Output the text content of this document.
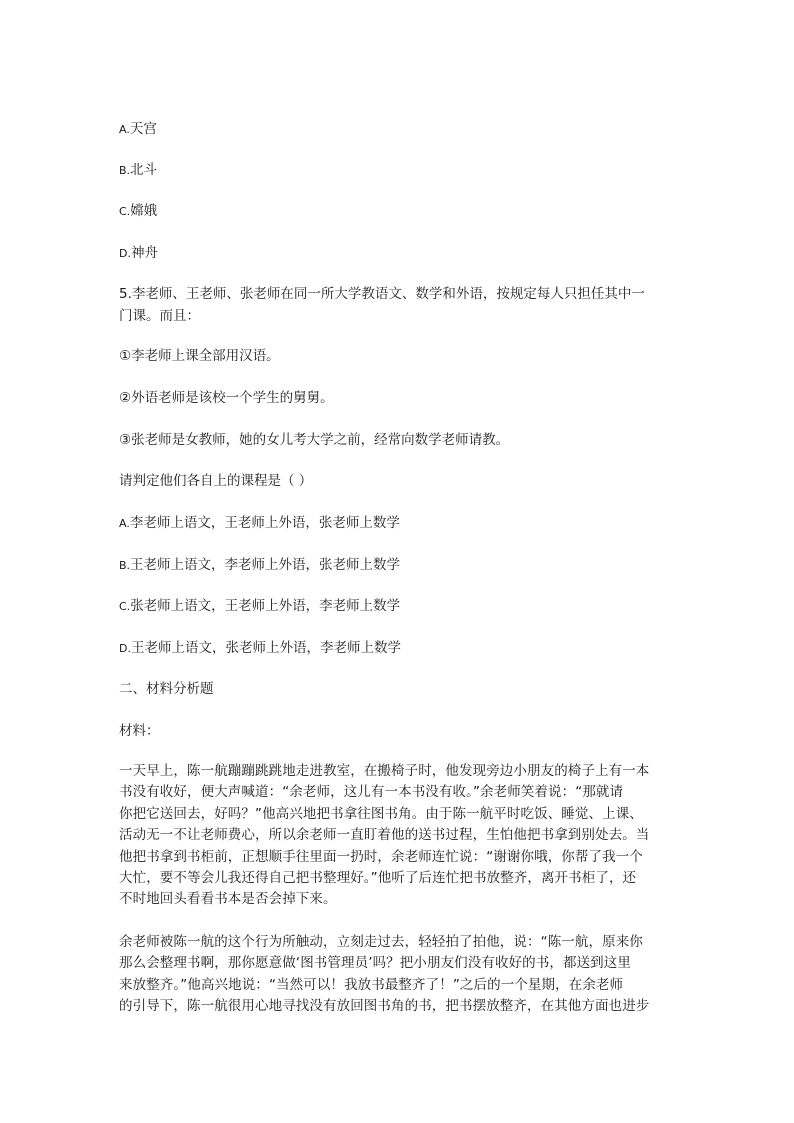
A.天宫
B.北斗
C.嫦娥
D.神舟
5.李老师、王老师、张老师在同一所大学教语文、数学和外语，按规定每人只担任其中一
门课。而且：
①李老师上课全部用汉语。
②外语老师是该校一个学生的舅舅。
③张老师是女教师，她的女儿考大学之前，经常向数学老师请教。
请判定他们各自上的课程是（ ）
A.李老师上语文，王老师上外语，张老师上数学
B.王老师上语文，李老师上外语，张老师上数学
C.张老师上语文，王老师上外语，李老师上数学
D.王老师上语文，张老师上外语，李老师上数学
二、材料分析题
材料：

一天早上，陈一航蹦蹦跳跳地走进教室，在搬椅子时，他发现旁边小朋友的椅子上有一本

书没有收好，便大声喊道：“余老师，这儿有一本书没有收。”余老师笑着说：“那就请

你把它送回去，好吗？”他高兴地把书拿往图书角。由于陈一航平时吃饭、睡觉、上课、

活动无一不让老师费心，所以余老师一直盯着他的送书过程，生怕他把书拿到别处去。当

他把书拿到书柜前，正想顺手往里面一扔时，余老师连忙说：“谢谢你哦，你帮了我一个

大忙，要不等会儿我还得自己把书整理好。”他听了后连忙把书放整齐，离开书柜了，还

不时地回头看看书本是否会掉下来。

余老师被陈一航的这个行为所触动，立刻走过去，轻轻拍了拍他，说：“陈一航，原来你

那么会整理书啊，那你愿意做‘图书管理员’吗？把小朋友们没有收好的书，都送到这里

来放整齐。”他高兴地说：“当然可以！我放书最整齐了！”之后的一个星期，在余老师

的引导下，陈一航很用心地寻找没有放回图书角的书，把书摆放整齐，在其他方面也进步
